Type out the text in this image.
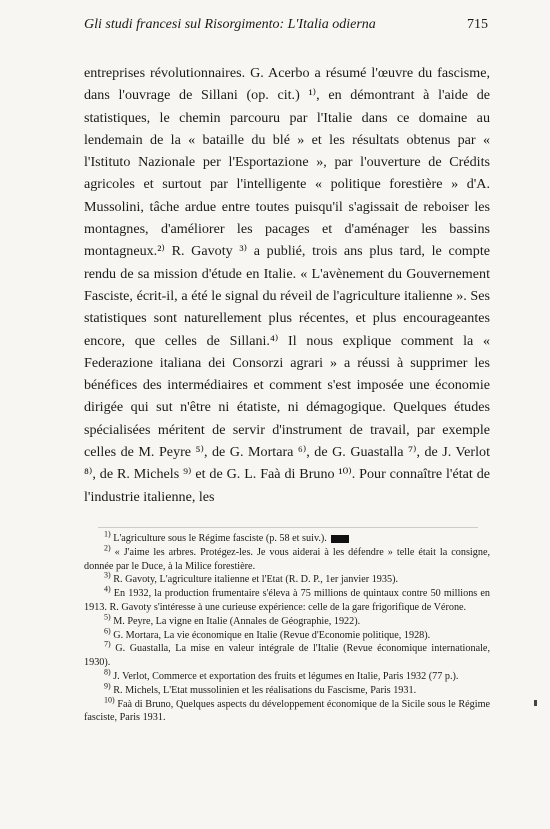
Gli studi francesi sul Risorgimento: L'Italia odierna	715

entreprises révolutionnaires. G. Acerbo a résumé l'œuvre du fascisme, dans l'ouvrage de Sillani (op. cit.) ¹⁾, en démontrant à l'aide de statistiques, le chemin parcouru par l'Italie dans ce domaine au lendemain de la « bataille du blé » et les résultats obtenus par « l'Istituto Nazionale per l'Esportazione », par l'ouverture de Crédits agricoles et surtout par l'intelligente « politique forestière » d'A. Mussolini, tâche ardue entre toutes puisqu'il s'agissait de reboiser les montagnes, d'améliorer les pacages et d'aménager les bassins montagneux.²⁾ R. Gavoty ³⁾ a publié, trois ans plus tard, le compte rendu de sa mission d'étude en Italie. « L'avènement du Gouvernement Fasciste, écrit-il, a été le signal du réveil de l'agriculture italienne ». Ses statistiques sont naturellement plus récentes, et plus encourageantes encore, que celles de Sillani.⁴⁾ Il nous explique comment la « Federazione italiana dei Consorzi agrari » a réussi à supprimer les bénéfices des intermédiaires et comment s'est imposée une économie dirigée qui sut n'être ni étatiste, ni démagogique. Quelques études spécialisées méritent de servir d'instrument de travail, par exemple celles de M. Peyre ⁵⁾, de G. Mortara ⁶⁾, de G. Guastalla ⁷⁾, de J. Verlot ⁸⁾, de R. Michels ⁹⁾ et de G. L. Faà di Bruno ¹⁰⁾. Pour connaître l'état de l'industrie italienne, les

$^{1)}$ L'agriculture sous le Régime fasciste (p. 58 et suiv.).

$^{2)}$ « J'aime les arbres. Protégez-les. Je vous aiderai à les défendre » telle était la consigne, donnée par le Duce, à la Milice forestière.

$^{3)}$ R. Gavoty, L'agriculture italienne et l'Etat (R. D. P., 1er janvier 1935).

$^{4)}$ En 1932, la production frumentaire s'éleva à 75 millions de quintaux contre 50 millions en 1913. R. Gavoty s'intéresse à une curieuse expérience: celle de la gare frigorifique de Vérone.

$^{5)}$ M. Peyre, La vigne en Italie (Annales de Géographie, 1922).

$^{6)}$ G. Mortara, La vie économique en Italie (Revue d'Economie politique, 1928).

$^{7)}$ G. Guastalla, La mise en valeur intégrale de l'Italie (Revue économique internationale, 1930).

$^{8)}$ J. Verlot, Commerce et exportation des fruits et légumes en Italie, Paris 1932 (77 p.).

$^{9)}$ R. Michels, L'Etat mussolinien et les réalisations du Fascisme, Paris 1931.

$^{10)}$ Faà di Bruno, Quelques aspects du développement économique de la Sicile sous le Régime fasciste, Paris 1931.
